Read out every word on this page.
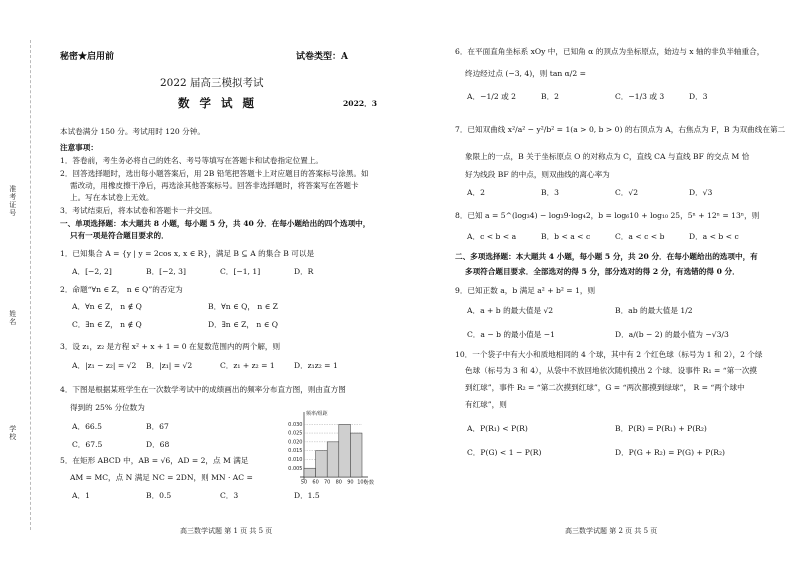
准考证号
姓名
学校
秘密★启用前	试卷类型：A
2022 届高三模拟考试
数 学 试 题	2022．3
本试卷满分 150 分。考试用时 120 分钟。
注意事项：
1．答卷前，考生务必将自己的姓名、考号等填写在答题卡和试卷指定位置上。
2．回答选择题时，选出每小题答案后，用 2B 铅笔把答题卡上对应题目的答案标号涂黑。如
需改动，用橡皮擦干净后，再选涂其他答案标号。回答非选择题时，将答案写在答题卡
上。写在本试卷上无效。
3．考试结束后，将本试卷和答题卡一并交回。
一、单项选择题：本大题共 8 小题，每小题 5 分，共 40 分．在每小题给出的四个选项中，
只有一项是符合题目要求的．
1．已知集合 A = {y | y = 2cos x, x ∈ R}，满足 B ⊆ A 的集合 B 可以是
A．[−2, 2]	B．[−2, 3]	C．[−1, 1]	D．R
2．命题“∀n ∈ Z， n ∈ Q”的否定为
A．∀n ∈ Z， n ∉ Q	B．∀n ∈ Q， n ∈ Z
C．∃n ∈ Z， n ∉ Q	D．∃n ∈ Z， n ∈ Q
3．设 z₁，z₂ 是方程 x² + x + 1 = 0 在复数范围内的两个解，则
A．|z₁ − z₂| = √2 B．|z₁| = √2	C．z₁ + z₂ = 1	D．z₁z₂ = 1
4．下图是根据某班学生在一次数学考试中的成绩画出的频率分布直方图，则由直方图
得到的 25% 分位数为
A．66.5	B．67
C．67.5	D．68
5．在矩形 ABCD 中，AB = √6，AD = 2，点 M 满足
AM = MC，点 N 满足 NC = 2DN，则 MN · AC =
A．1	B．0.5	C．3	D．1.5
高三数学试题 第 1 页 共 5 页
频率/组距
分数
0.005
0.010
0.015
0.020
0.025
0.030
50 60 70 80 90 100
6．在平面直角坐标系 xOy 中，已知角 α 的顶点为坐标原点，始边与 x 轴的非负半轴重合，
终边经过点 (−3, 4)，则 tan α/2 =
A．−1/2 或 2	B．2	C．−1/3 或 3	D．3
7．已知双曲线 x²/a² − y²/b² = 1(a > 0, b > 0) 的右顶点为 A，右焦点为 F，B 为双曲线在第二
象限上的一点，B 关于坐标原点 O 的对称点为 C，直线 CA 与直线 BF 的交点 M 恰
好为线段 BF 的中点，则双曲线的离心率为
A．2	B．3	C．√2	D．√3
8．已知 a = 5^(log₃4) − log₃9·log₄2，b = log₆10 + log₁₀ 25，5ⁿ + 12ⁿ = 13ⁿ，则
A．c < b < a	B．b < a < c	C．a < c < b	D．a < b < c
二、多项选择题：本大题共 4 小题，每小题 5 分，共 20 分．在每小题给出的选项中，有
多项符合题目要求．全部选对的得 5 分，部分选对的得 2 分，有选错的得 0 分．
9．已知正数 a，b 满足 a² + b² = 1，则
A．a + b 的最大值是 √2	B．ab 的最大值是 1/2
C．a − b 的最小值是 −1	D．a/(b − 2) 的最小值为 −√3/3
10．一个袋子中有大小和质地相同的 4 个球，其中有 2 个红色球（标号为 1 和 2），2 个绿
色球（标号为 3 和 4），从袋中不放回地依次随机摸出 2 个球．设事件 R₁ = “第一次摸
到红球”，事件 R₂ = “第二次摸到红球”，G = “两次都摸到绿球”， R = “两个球中
有红球”，则
A．P(R₁) < P(R)	B．P(R) = P(R₁) + P(R₂)
C．P(G) < 1 − P(R)	D．P(G + R₂) = P(G) + P(R₂)
高三数学试题 第 2 页 共 5 页
